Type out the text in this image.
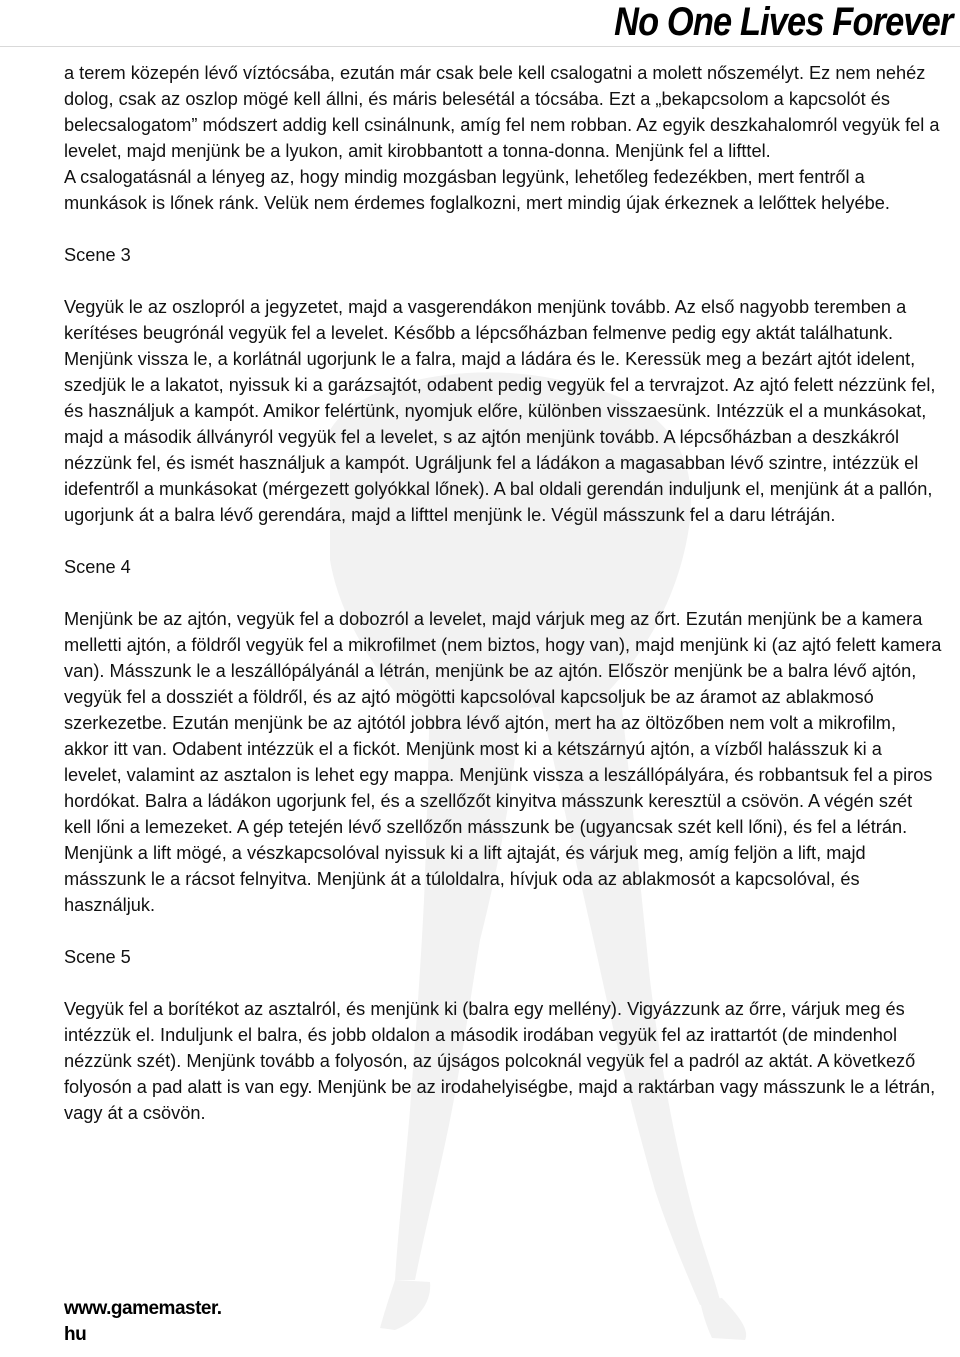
No One Lives Forever

a terem közepén lévő víztócsába, ezután már csak bele kell csalogatni a molett nőszemélyt. Ez nem nehéz dolog, csak az oszlop mögé kell állni, és máris belesétál a tócsába. Ezt a „bekapcsolom a kapcsolót és belecsalogatom” módszert addig kell csinálnunk, amíg fel nem robban. Az egyik deszkahalomról vegyük fel a levelet, majd menjünk be a lyukon, amit kirobbantott a tonna-donna. Menjünk fel a lifttel.

A csalogatásnál a lényeg az, hogy mindig mozgásban legyünk, lehetőleg fedezékben, mert fentről a munkások is lőnek ránk. Velük nem érdemes foglalkozni, mert mindig újak érkeznek a lelőttek helyébe.

Scene 3

Vegyük le az oszlopról a jegyzetet, majd a vasgerendákon menjünk tovább. Az első nagyobb teremben a kerítéses beugrónál vegyük fel a levelet. Később a lépcsőházban felmenve pedig egy aktát találhatunk. Menjünk vissza le, a korlátnál ugorjunk le a falra, majd a ládára és le. Keressük meg a bezárt ajtót idelent, szedjük le a lakatot, nyissuk ki a garázsajtót, odabent pedig vegyük fel a tervrajzot. Az ajtó felett nézzünk fel, és használjuk a kampót. Amikor felértünk, nyomjuk előre, különben visszaesünk. Intézzük el a munkásokat, majd a második állványról vegyük fel a levelet, s az ajtón menjünk tovább. A lépcsőházban a deszkákról nézzünk fel, és ismét használjuk a kampót. Ugráljunk fel a ládákon a magasabban lévő szintre, intézzük el idefentről a munkásokat (mérgezett golyókkal lőnek). A bal oldali gerendán induljunk el, menjünk át a pallón, ugorjunk át a balra lévő gerendára, majd a lifttel menjünk le. Végül másszunk fel a daru létráján.

Scene 4

Menjünk be az ajtón, vegyük fel a dobozról a levelet, majd várjuk meg az őrt. Ezután menjünk be a kamera melletti ajtón, a földről vegyük fel a mikrofilmet (nem biztos, hogy van), majd menjünk ki (az ajtó felett kamera van). Másszunk le a leszállópályánál a létrán, menjünk be az ajtón. Először menjünk be a balra lévő ajtón, vegyük fel a dossziét a földről, és az ajtó mögötti kapcsolóval kapcsoljuk be az áramot az ablakmosó szerkezetbe. Ezután menjünk be az ajtótól jobbra lévő ajtón, mert ha az öltözőben nem volt a mikrofilm, akkor itt van. Odabent intézzük el a fickót. Menjünk most ki a kétszárnyú ajtón, a vízből halásszuk ki a levelet, valamint az asztalon is lehet egy mappa. Menjünk vissza a leszállópályára, és robbantsuk fel a piros hordókat. Balra a ládákon ugorjunk fel, és a szellőzőt kinyitva másszunk keresztül a csövön. A végén szét kell lőni a lemezeket. A gép tetején lévő szellőzőn másszunk be (ugyancsak szét kell lőni), és fel a létrán. Menjünk a lift mögé, a vészkapcsolóval nyissuk ki a lift ajtaját, és várjuk meg, amíg feljön a lift, majd másszunk le a rácsot felnyitva. Menjünk át a túloldalra, hívjuk oda az ablakmosót a kapcsolóval, és használjuk.

Scene 5

Vegyük fel a borítékot az asztalról, és menjünk ki (balra egy mellény). Vigyázzunk az őrre, várjuk meg és intézzük el. Induljunk el balra, és jobb oldalon a második irodában vegyük fel az irattartót (de mindenhol nézzünk szét). Menjünk tovább a folyosón, az újságos polcoknál vegyük fel a padról az aktát. A következő folyosón a pad alatt is van egy. Menjünk be az irodahelyiségbe, majd a raktárban vagy másszunk le a létrán, vagy át a csövön.

www.gamemaster.
hu
